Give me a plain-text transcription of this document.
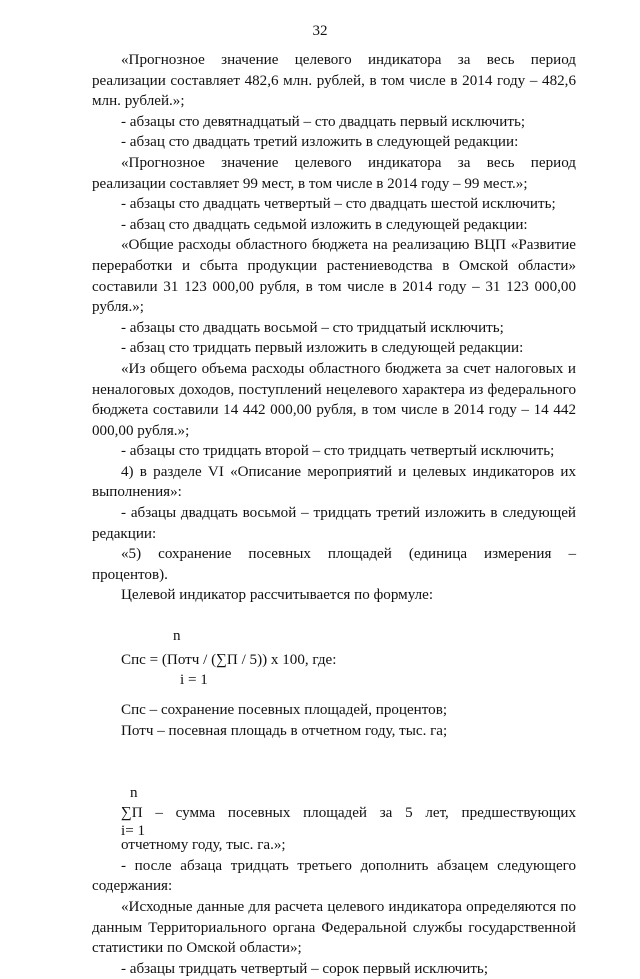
32

«Прогнозное значение целевого индикатора за весь период реализации составляет 482,6 млн. рублей, в том числе в 2014 году – 482,6 млн. рублей.»;

- абзацы сто девятнадцатый – сто двадцать первый исключить;

- абзац сто двадцать третий изложить в следующей редакции:

«Прогнозное значение целевого индикатора за весь период реализации составляет 99 мест, в том числе в 2014 году – 99 мест.»;

- абзацы сто двадцать четвертый – сто двадцать шестой исключить;

- абзац сто двадцать седьмой изложить в следующей редакции:

«Общие расходы областного бюджета на реализацию ВЦП «Развитие переработки и сбыта продукции растениеводства в Омской области» составили 31 123 000,00 рубля, в том числе в 2014 году – 31 123 000,00 рубля.»;

- абзацы сто двадцать восьмой – сто тридцатый исключить;

- абзац сто тридцать первый изложить в следующей редакции:

«Из общего объема расходы областного бюджета за счет налоговых и неналоговых доходов, поступлений нецелевого характера из федерального бюджета составили 14 442 000,00 рубля, в том числе в 2014 году – 14 442 000,00 рубля.»;

- абзацы сто тридцать второй – сто тридцать четвертый исключить;

4) в разделе VI «Описание мероприятий и целевых индикаторов их выполнения»:

- абзацы двадцать восьмой – тридцать третий изложить в следующей редакции:

«5) сохранение посевных площадей (единица измерения – процентов).

Целевой индикатор рассчитывается по формуле:

n
Спс = (Потч / (∑П / 5)) х 100, где:
i = 1

Спс – сохранение посевных площадей, процентов;

Потч – посевная площадь в отчетном году, тыс. га;

n
∑П – сумма посевных площадей за 5 лет, предшествующих
i= 1

отчетному году, тыс. га.»;

- после абзаца тридцать третьего дополнить абзацем следующего содержания:

«Исходные данные для расчета целевого индикатора определяются по данным Территориального органа Федеральной службы государственной статистики по Омской области»;

- абзацы тридцать четвертый – сорок первый исключить;
